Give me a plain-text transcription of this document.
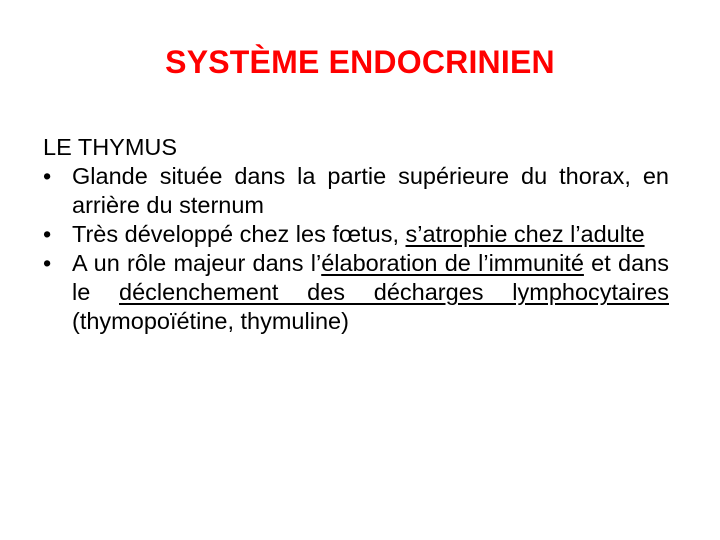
SYSTÈME ENDOCRINIEN

LE THYMUS

• Glande située dans la partie supérieure du thorax, en arrière du sternum
• Très développé chez les fœtus, s’atrophie chez l’adulte
• A un rôle majeur dans l’élaboration de l’immunité et dans le déclenchement des décharges lymphocytaires (thymopoïétine, thymuline)
